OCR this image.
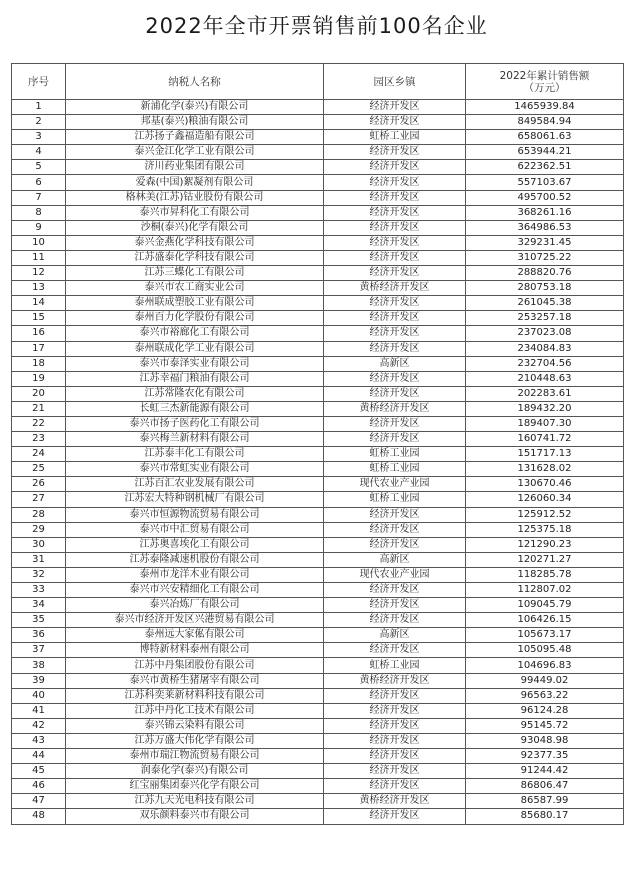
2022年全市开票销售前100名企业
序号	纳税人名称	园区乡镇	2022年累计销售额
（万元）

1	新浦化学(泰兴)有限公司	经济开发区	1465939.84
2	邦基(泰兴)粮油有限公司	经济开发区	849584.94
3	江苏扬子鑫福造船有限公司	虹桥工业园	658061.63
4	泰兴金江化学工业有限公司	经济开发区	653944.21
5	济川药业集团有限公司	经济开发区	622362.51
6	爱森(中国)絮凝剂有限公司	经济开发区	557103.67
7	格林美(江苏)钴业股份有限公司	经济开发区	495700.52
8	泰兴市昇科化工有限公司	经济开发区	368261.16
9	沙桐(泰兴)化学有限公司	经济开发区	364986.53
10	泰兴金燕化学科技有限公司	经济开发区	329231.45
11	江苏盛泰化学科技有限公司	经济开发区	310725.22
12	江苏三蝶化工有限公司	经济开发区	288820.76
13	泰兴市农工商实业公司	黄桥经济开发区	280753.18
14	泰州联成塑胶工业有限公司	经济开发区	261045.38
15	泰州百力化学股份有限公司	经济开发区	253257.18
16	泰兴市裕廊化工有限公司	经济开发区	237023.08
17	泰州联成化学工业有限公司	经济开发区	234084.83
18	泰兴市泰泽实业有限公司	高新区	232704.56
19	江苏幸福门粮油有限公司	经济开发区	210448.63
20	江苏常隆农化有限公司	经济开发区	202283.61
21	长虹三杰新能源有限公司	黄桥经济开发区	189432.20
22	泰兴市扬子医药化工有限公司	经济开发区	189407.30
23	泰兴梅兰新材料有限公司	经济开发区	160741.72
24	江苏泰丰化工有限公司	虹桥工业园	151717.13
25	泰兴市常虹实业有限公司	虹桥工业园	131628.02
26	江苏百汇农业发展有限公司	现代农业产业园	130670.46
27	江苏宏大特种钢机械厂有限公司	虹桥工业园	126060.34
28	泰兴市恒源物流贸易有限公司	经济开发区	125912.52
29	泰兴市中汇贸易有限公司	经济开发区	125375.18
30	江苏奥喜埃化工有限公司	经济开发区	121290.23
31	江苏泰隆减速机股份有限公司	高新区	120271.27
32	泰州市龙洋木业有限公司	现代农业产业园	118285.78
33	泰兴市兴安精细化工有限公司	经济开发区	112807.02
34	泰兴冶炼厂有限公司	经济开发区	109045.79
35	泰兴市经济开发区兴港贸易有限公司	经济开发区	106426.15
36	泰州远大家俬有限公司	高新区	105673.17
37	博特新材料泰州有限公司	经济开发区	105095.48
38	江苏中丹集团股份有限公司	虹桥工业园	104696.83
39	泰兴市黄桥生猪屠宰有限公司	黄桥经济开发区	99449.02
40	江苏科奕莱新材料科技有限公司	经济开发区	96563.22
41	江苏中丹化工技术有限公司	经济开发区	96124.28
42	泰兴锦云染料有限公司	经济开发区	95145.72
43	江苏万盛大伟化学有限公司	经济开发区	93048.98
44	泰州市瑞江物流贸易有限公司	经济开发区	92377.35
45	润泰化学(泰兴)有限公司	经济开发区	91244.42
46	红宝丽集团泰兴化学有限公司	经济开发区	86806.47
47	江苏九天光电科技有限公司	黄桥经济开发区	86587.99
48	双乐颜料泰兴市有限公司	经济开发区	85680.17
